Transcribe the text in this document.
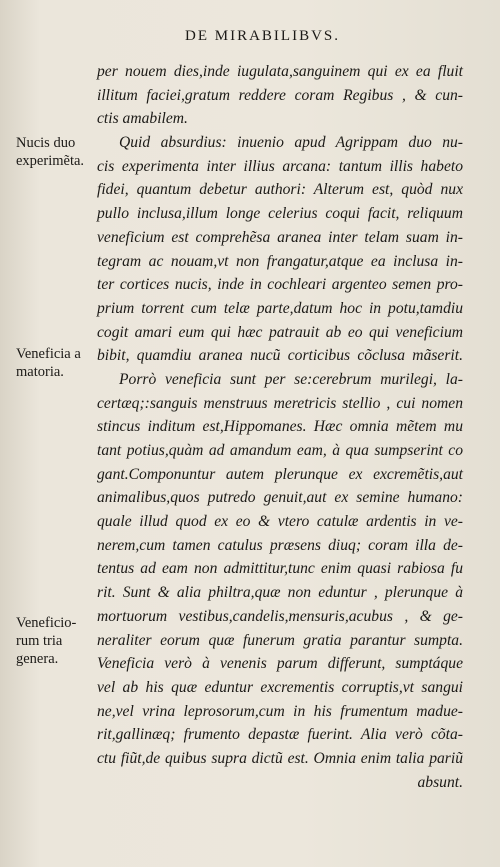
DE MIRABILIBVS.
Nucis duo experimẽta.
Veneficia a matoria.
Veneficio-rum tria genera.
per nouem dies,inde iugulata,sanguinem qui ex ea fluit
illitum faciei,gratum reddere coram Regibus , & cun-
ctis amabilem.
Quid absurdius: inuenio apud Agrippam duo nu-
cis experimenta inter illius arcana: tantum illis habeto
fidei, quantum debetur authori: Alterum est, quòd nux
pullo inclusa,illum longe celerius coqui facit, reliquum
veneficium est comprehẽsa aranea inter telam suam in-
tegram ac nouam,vt non frangatur,atque ea inclusa in-
ter cortices nucis, inde in cochleari argenteo semen pro-
prium torrent cum telæ parte,datum hoc in potu,tamdiu
cogit amari eum qui hæc patrauit ab eo qui veneficium
bibit, quamdiu aranea nucũ corticibus cõclusa mãserit.
Porrò veneficia sunt per se:cerebrum murilegi, la-
certæq;:sanguis menstruus meretricis stellio , cui nomen
stincus inditum est,Hippomanes. Hæc omnia mẽtem mu
tant potius,quàm ad amandum eam, à qua sumpserint co
gant.Componuntur autem plerunque ex excremẽtis,aut
animalibus,quos putredo genuit,aut ex semine humano:
quale illud quod ex eo & vtero catulæ ardentis in ve-
nerem,cum tamen catulus præsens diuq; coram illa de-
tentus ad eam non admittitur,tunc enim quasi rabiosa fu
rit. Sunt & alia philtra,quæ non eduntur , plerunque à
mortuorum vestibus,candelis,mensuris,acubus , & ge-
neraliter eorum quæ funerum gratia parantur sumpta.
Veneficia verò à venenis parum differunt, sumptáque
vel ab his quæ eduntur excrementis corruptis,vt sangui
ne,vel vrina leprosorum,cum in his frumentum madue-
rit,gallinæq; frumento depastæ fuerint. Alia verò cõta-
ctu fiũt,de quibus supra dictũ est. Omnia enim talia pariũ
absunt.
